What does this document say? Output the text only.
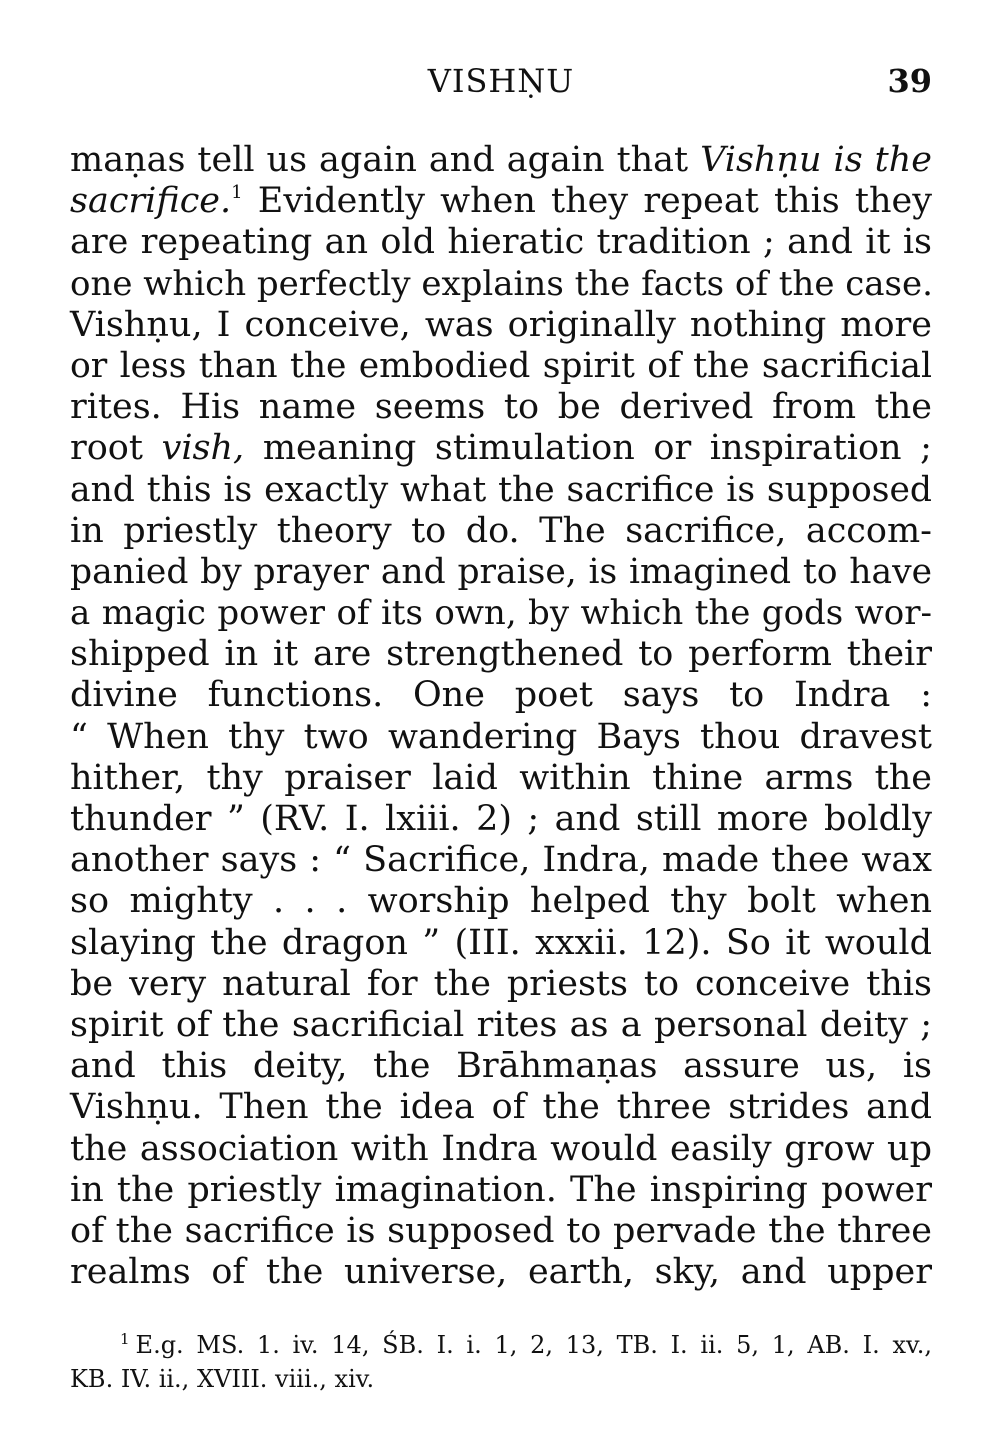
VISHṆU	39
maṇas tell us again and again that Vishṇu is the
sacrifice.$^1$ Evidently when they repeat this they
are repeating an old hieratic tradition ; and it is
one which perfectly explains the facts of the case.
Vishṇu, I conceive, was originally nothing more
or less than the embodied spirit of the sacrificial
rites. His name seems to be derived from the
root vish, meaning stimulation or inspiration ;
and this is exactly what the sacrifice is supposed
in priestly theory to do. The sacrifice, accom-
panied by prayer and praise, is imagined to have
a magic power of its own, by which the gods wor-
shipped in it are strengthened to perform their
divine functions. One poet says to Indra :
“ When thy two wandering Bays thou dravest
hither, thy praiser laid within thine arms the
thunder ” (RV. I. lxiii. 2) ; and still more boldly
another says : “ Sacrifice, Indra, made thee wax
so mighty . . . worship helped thy bolt when
slaying the dragon ” (III. xxxii. 12). So it would
be very natural for the priests to conceive this
spirit of the sacrificial rites as a personal deity ;
and this deity, the Brāhmaṇas assure us, is
Vishṇu. Then the idea of the three strides and
the association with Indra would easily grow up
in the priestly imagination. The inspiring power
of the sacrifice is supposed to pervade the three
realms of the universe, earth, sky, and upper
$^1$ E.g. MS. 1. iv. 14, ŚB. I. i. 1, 2, 13, TB. I. ii. 5, 1, AB. I. xv.,
KB. IV. ii., XVIII. viii., xiv.
